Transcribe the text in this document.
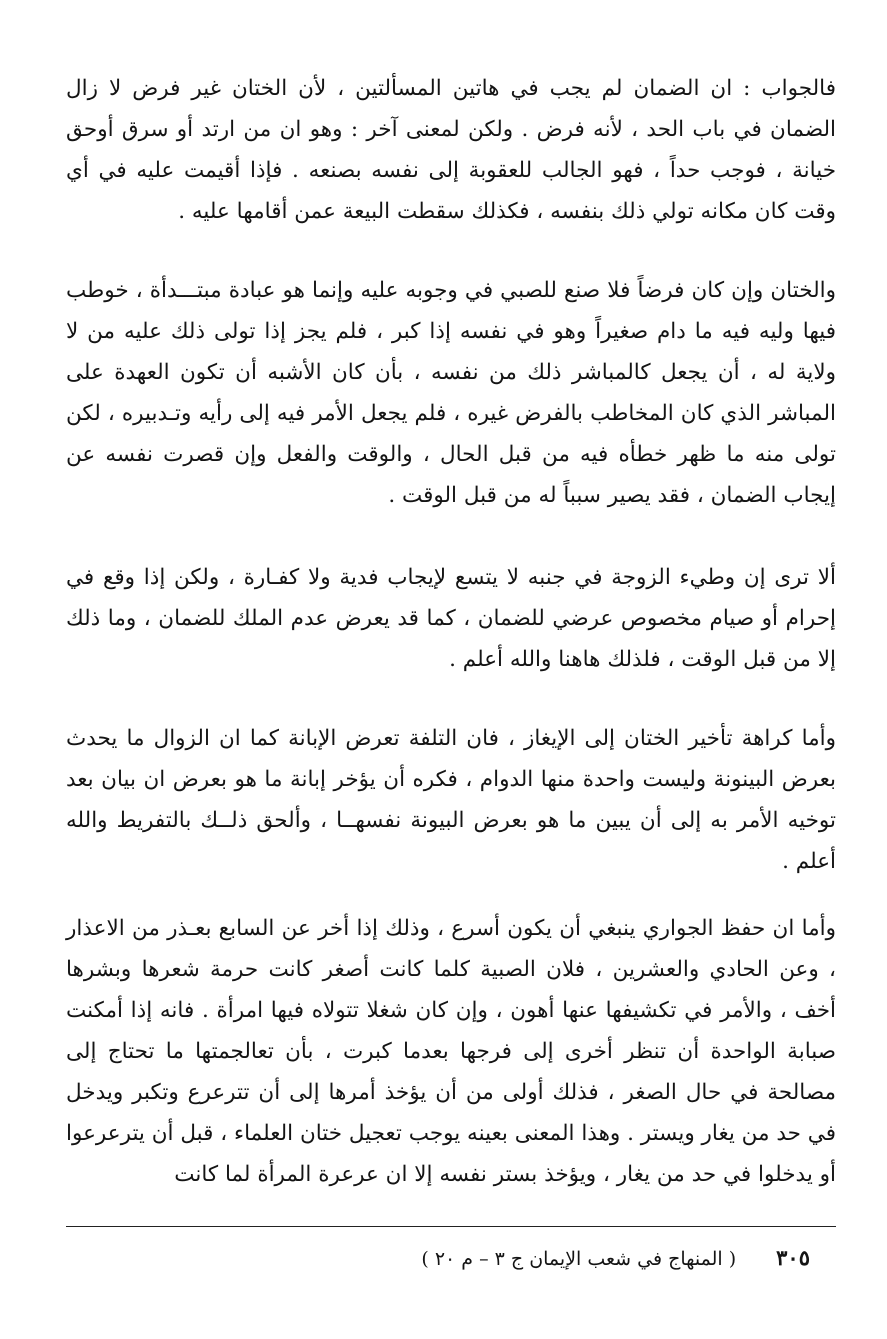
فالجواب : ان الضمان لم يجب في هاتين المسألتين ، لأن الختان غير فرض لا زال الضمان في باب الحد ، لأنه فرض . ولكن لمعنى آخر : وهو ان من ارتد أو سرق أوحق خيانة ، فوجب حداً ، فهو الجالب للعقوبة إلى نفسه بصنعه . فإذا أقيمت عليه في أي وقت كان مكانه تولي ذلك بنفسه ، فكذلك سقطت البيعة عمن أقامها عليه .

والختان وإن كان فرضاً فلا صنع للصبي في وجوبه عليه وإنما هو عبادة مبتـــدأة ، خوطب فيها وليه فيه ما دام صغيراً وهو في نفسه إذا كبر ، فلم يجز إذا تولى ذلك عليه من لا ولاية له ، أن يجعل كالمباشر ذلك من نفسه ، بأن كان الأشبه أن تكون العهدة على المباشر الذي كان المخاطب بالفرض غيره ، فلم يجعل الأمر فيه إلى رأيه وتـدبيره ، لكن تولى منه ما ظهر خطأه فيه من قبل الحال ، والوقت والفعل وإن قصرت نفسه عن إيجاب الضمان ، فقد يصير سبباً له من قبل الوقت .

ألا ترى إن وطيء الزوجة في جنبه لا يتسع لإيجاب فدية ولا كفـارة ، ولكن إذا وقع في إحرام أو صيام مخصوص عرضي للضمان ، كما قد يعرض عدم الملك للضمان ، وما ذلك إلا من قبل الوقت ، فلذلك هاهنا والله أعلم .

وأما كراهة تأخير الختان إلى الإيغاز ، فان التلفة تعرض الإبانة كما ان الزوال ما يحدث بعرض البينونة وليست واحدة منها الدوام ، فكره أن يؤخر إبانة ما هو بعرض ان بيان بعد توخيه الأمر به إلى أن يبين ما هو بعرض البيونة نفسهــا ، وألحق ذلــك بالتفريط والله أعلم .

وأما ان حفظ الجواري ينبغي أن يكون أسرع ، وذلك إذا أخر عن السابع بعـذر من الاعذار ، وعن الحادي والعشرين ، فلان الصبية كلما كانت أصغر كانت حرمة شعرها وبشرها أخف ، والأمر في تكشيفها عنها أهون ، وإن كان شغلا تتولاه فيها امرأة . فانه إذا أمكنت صبابة الواحدة أن تنظر أخرى إلى فرجها بعدما كبرت ، بأن تعالجمتها ما تحتاج إلى مصالحة في حال الصغر ، فذلك أولى من أن يؤخذ أمرها إلى أن تترعرع وتكبر ويدخل في حد من يغار ويستر . وهذا المعنى بعينه يوجب تعجيل ختان العلماء ، قبل أن يترعرعوا أو يدخلوا في حد من يغار ، ويؤخذ بستر نفسه إلا ان عرعرة المرأة لما كانت

٣٠٥
( المنهاج في شعب الإيمان ج ٣ – م ٢٠ )
